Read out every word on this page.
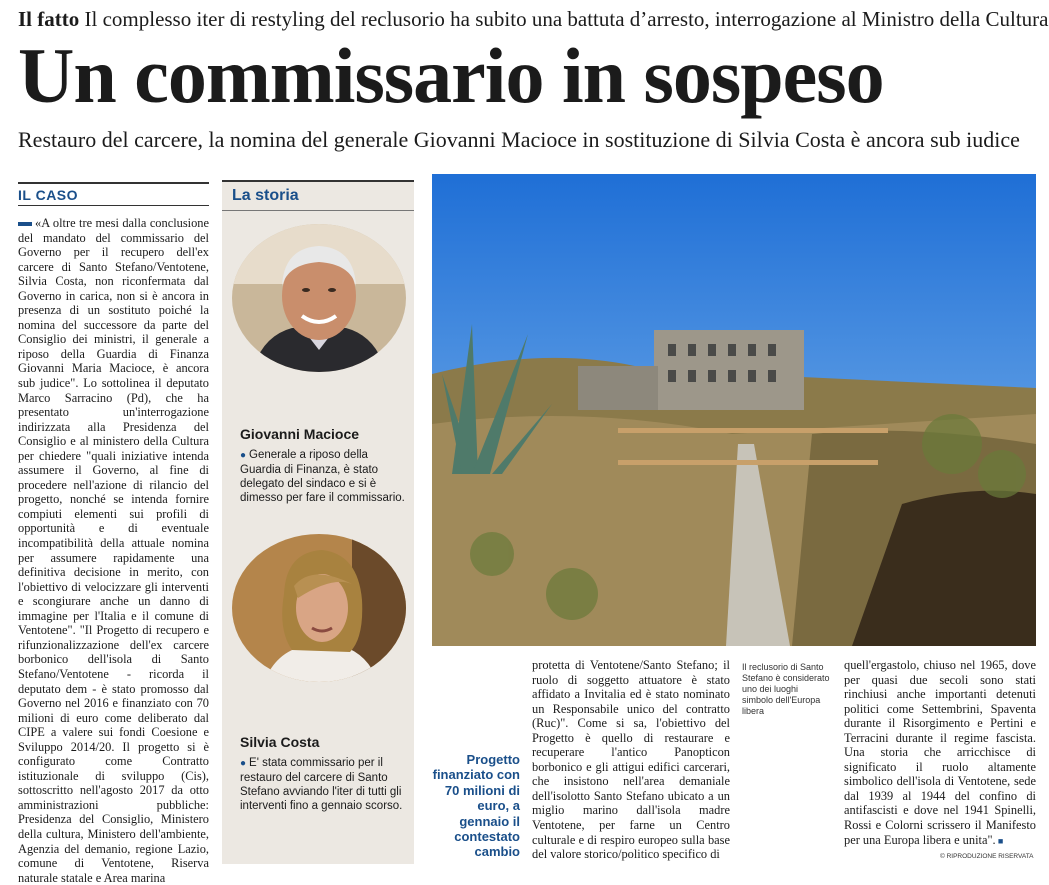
Il fatto Il complesso iter di restyling del reclusorio ha subito una battuta d’arresto, interrogazione al Ministro della Cultura
Un commissario in sospeso
Restauro del carcere, la nomina del generale Giovanni Macioce in sostituzione di Silvia Costa è ancora sub iudice
IL CASO
«A oltre tre mesi dalla conclusione del mandato del commissario del Governo per il recupero dell'ex carcere di Santo Stefano/Ventotene, Silvia Costa, non riconfermata dal Governo in carica, non si è ancora in presenza di un sostituto poiché la nomina del successore da parte del Consiglio dei ministri, il generale a riposo della Guardia di Finanza Giovanni Maria Macioce, è ancora sub judice". Lo sottolinea il deputato Marco Sarracino (Pd), che ha presentato un'interrogazione indirizzata alla Presidenza del Consiglio e al ministero della Cultura per chiedere "quali iniziative intenda assumere il Governo, al fine di procedere nell'azione di rilancio del progetto, nonché se intenda fornire compiuti elementi sui profili di opportunità e di eventuale incompatibilità della attuale nomina per assumere rapidamente una definitiva decisione in merito, con l'obiettivo di velocizzare gli interventi e scongiurare anche un danno di immagine per l'Italia e il comune di Ventotene". "Il Progetto di recupero e rifunzionalizzazione dell'ex carcere borbonico dell'isola di Santo Stefano/Ventotene - ricorda il deputato dem - è stato promosso dal Governo nel 2016 e finanziato con 70 milioni di euro come deliberato dal CIPE a valere sui fondi Coesione e Sviluppo 2014/20. Il progetto si è configurato come Contratto istituzionale di sviluppo (Cis), sottoscritto nell'agosto 2017 da otto amministrazioni pubbliche: Presidenza del Consiglio, Ministero della cultura, Ministero dell'ambiente, Agenzia del demanio, regione Lazio, comune di Ventotene, Riserva naturale statale e Area marina
La storia
Giovanni Macioce
● Generale a riposo della Guardia di Finanza, è stato delegato del sindaco e si è dimesso per fare il commissario.
Silvia Costa
● E' stata commissario per il restauro del carcere di Santo Stefano avviando l'iter di tutti gli interventi fino a gennaio scorso.
Progetto finanziato con 70 milioni di euro, a gennaio il contestato cambio
protetta di Ventotene/Santo Stefano; il ruolo di soggetto attuatore è stato affidato a Invitalia ed è stato nominato un Responsabile unico del contratto (Ruc)". Come si sa, l'obiettivo del Progetto è quello di restaurare e recuperare l'antico Panopticon borbonico e gli attigui edifici carcerari, che insistono nell'area demaniale dell'isolotto Santo Stefano ubicato a un miglio marino dall'isola madre Ventotene, per farne un Centro culturale e di respiro europeo sulla base del valore storico/politico specifico di
Il reclusorio di Santo Stefano è considerato uno dei luoghi simbolo dell'Europa libera
quell'ergastolo, chiuso nel 1965, dove per quasi due secoli sono stati rinchiusi anche importanti detenuti politici come Settembrini, Spaventa durante il Risorgimento e Pertini e Terracini durante il regime fascista. Una storia che arricchisce di significato il ruolo altamente simbolico dell'isola di Ventotene, sede dal 1939 al 1944 del confino di antifascisti e dove nel 1941 Spinelli, Rossi e Colorni scrissero il Manifesto per una Europa libera e unita". ■
© RIPRODUZIONE RISERVATA
